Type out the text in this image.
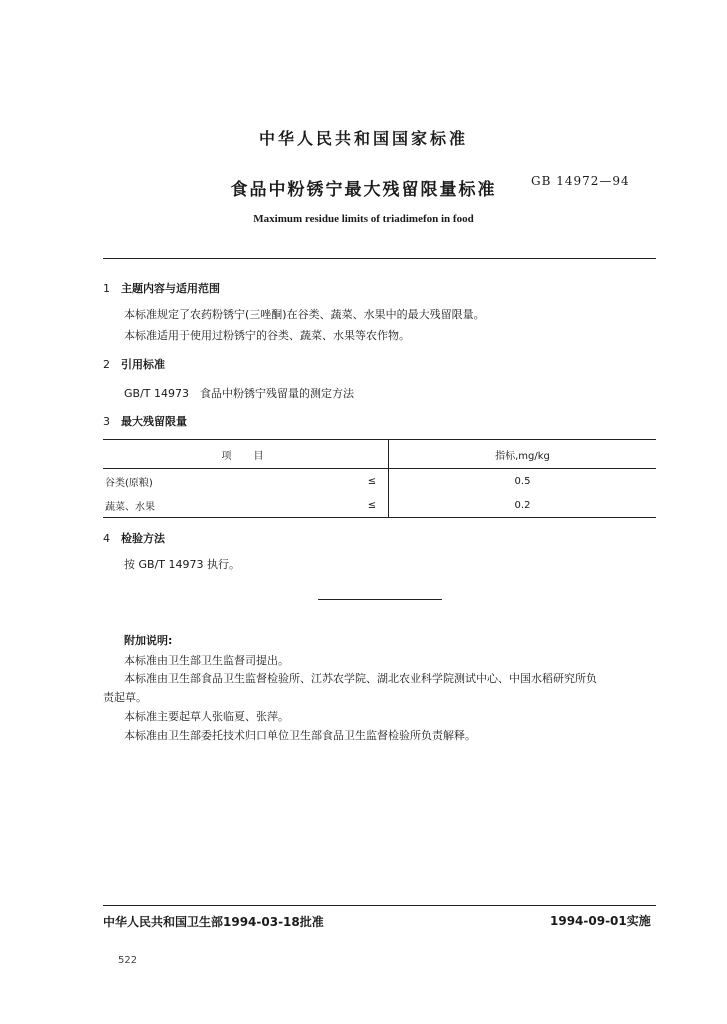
中华人民共和国国家标准
食品中粉锈宁最大残留限量标准	GB 14972—94
Maximum residue limits of triadimefon in food
1 主题内容与适用范围
本标准规定了农药粉锈宁(三唑酮)在谷类、蔬菜、水果中的最大残留限量。
本标准适用于使用过粉锈宁的谷类、蔬菜、水果等农作物。
2 引用标准
GB/T 14973　食品中粉锈宁残留量的测定方法
3 最大残留限量
项　目		指标,mg/kg
谷类(原粮)	≤	0.5
蔬菜、水果	≤	0.2
4 检验方法
按 GB/T 14973 执行。
附加说明:
本标准由卫生部卫生监督司提出。
本标准由卫生部食品卫生监督检验所、江苏农学院、湖北农业科学院测试中心、中国水稻研究所负
责起草。
本标准主要起草人张临夏、张萍。
本标准由卫生部委托技术归口单位卫生部食品卫生监督检验所负责解释。
中华人民共和国卫生部1994-03-18批准	1994-09-01实施
522
